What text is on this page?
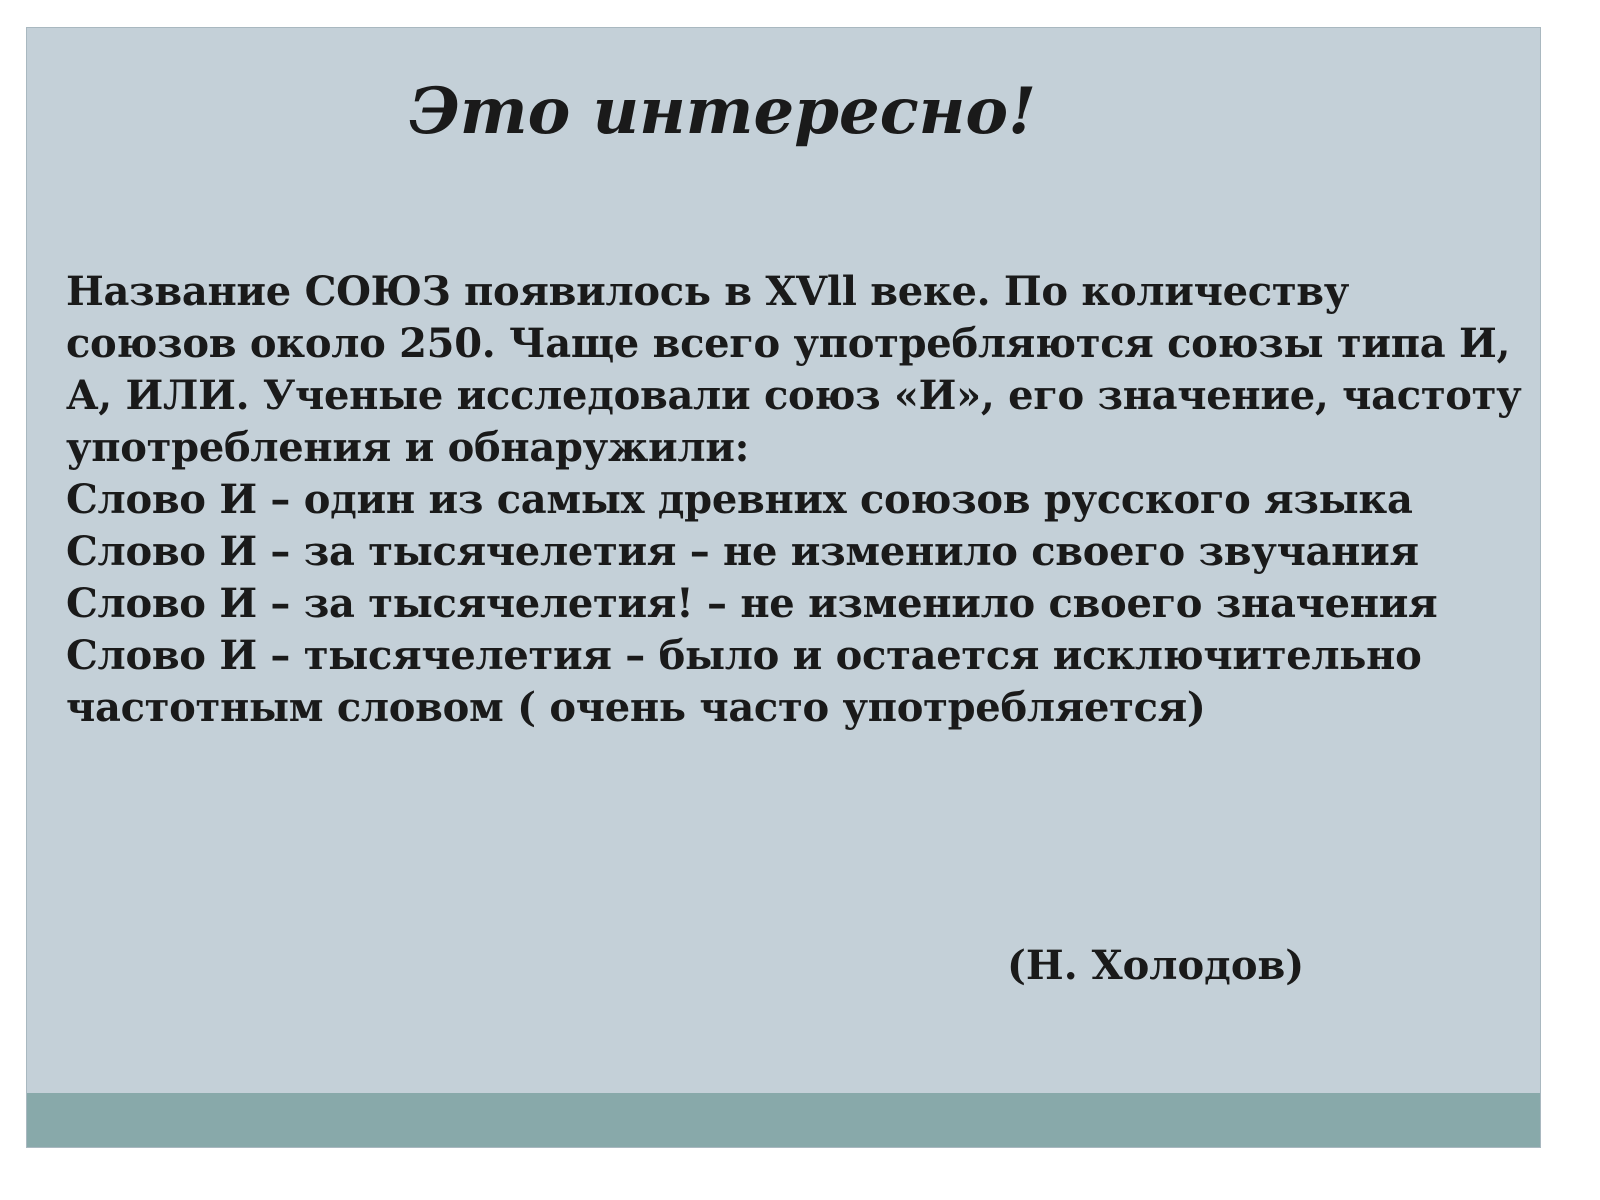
Это интересно!

Название СОЮЗ появилось в XVll веке. По количеству союзов около 250. Чаще всего употребляются союзы типа И, А, ИЛИ. Ученые исследовали союз «И», его значение, частоту употребления и обнаружили:

Слово И – один из самых древних союзов русского языка

Слово И – за тысячелетия – не изменило своего звучания

Слово И – за тысячелетия! – не изменило своего значения

Слово И – тысячелетия – было и остается исключительно частотным словом ( очень часто употребляется)

(Н. Холодов)
